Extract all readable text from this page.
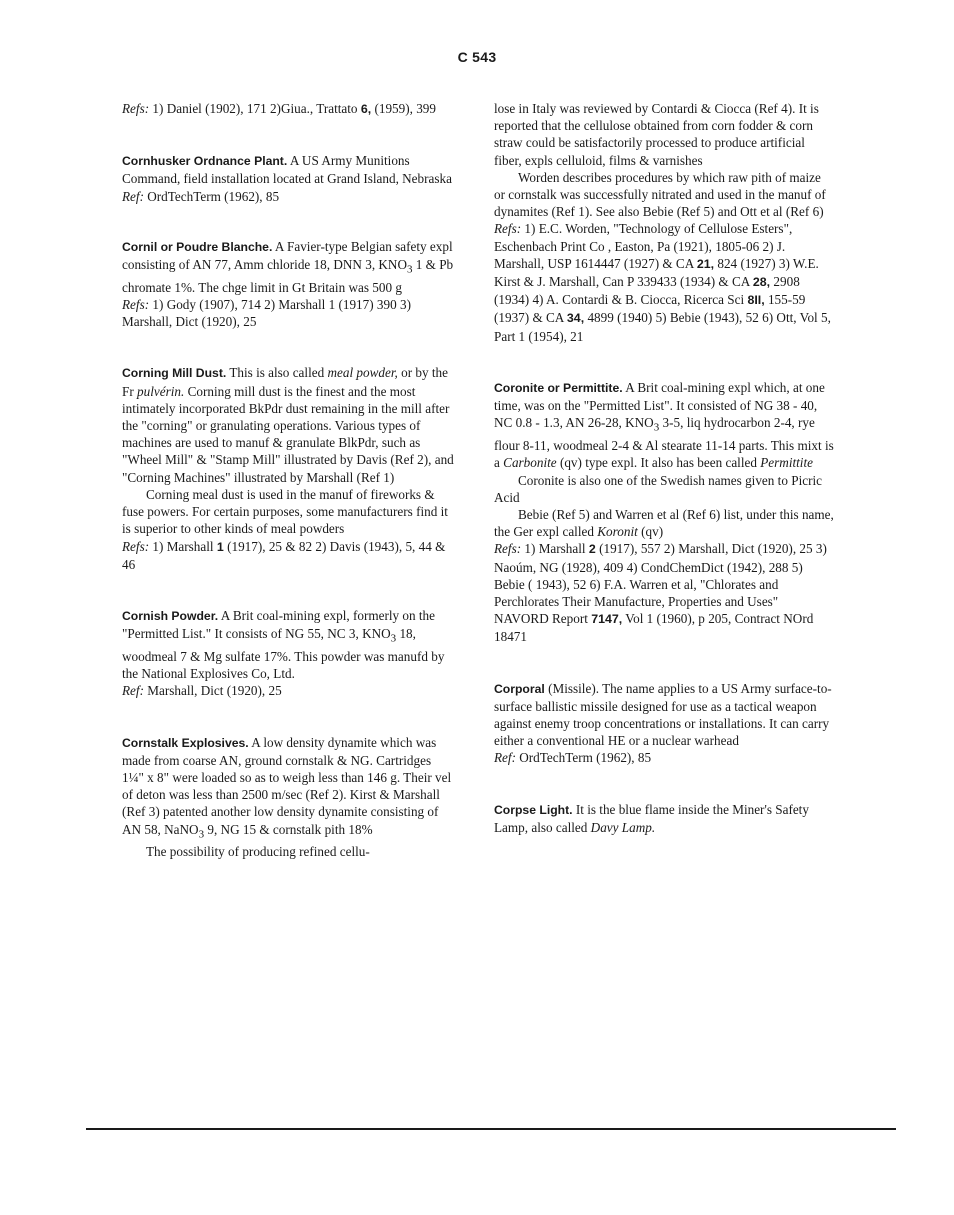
C 543

Refs: 1) Daniel (1902), 171 2)Giua., Trattato 6, (1959), 399

Cornhusker Ordnance Plant. A US Army Munitions Command, field installation located at Grand Island, Nebraska

Ref: OrdTechTerm (1962), 85

Cornil or Poudre Blanche. A Favier-type Belgian safety expl consisting of AN 77, Amm chloride 18, DNN 3, $KNO_3$ 1 & Pb chromate 1%. The chge limit in Gt Britain was 500 g

Refs: 1) Gody (1907), 714 2) Marshall 1 (1917) 390 3) Marshall, Dict (1920), 25

Corning Mill Dust. This is also called meal powder, or by the Fr pulvérin. Corning mill dust is the finest and the most intimately incorporated BkPdr dust remaining in the mill after the "corning" or granulating operations. Various types of machines are used to manuf & granulate BlkPdr, such as "Wheel Mill" & "Stamp Mill" illustrated by Davis (Ref 2), and "Corning Machines" illustrated by Marshall (Ref 1)

Corning meal dust is used in the manuf of fireworks & fuse powers. For certain purposes, some manufacturers find it is superior to other kinds of meal powders

Refs: 1) Marshall 1 (1917), 25 & 82 2) Davis (1943), 5, 44 & 46

Cornish Powder. A Brit coal-mining expl, formerly on the "Permitted List." It consists of NG 55, NC 3, $KNO_3$ 18, woodmeal 7 & Mg sulfate 17%. This powder was manufd by the National Explosives Co, Ltd.

Ref: Marshall, Dict (1920), 25

Cornstalk Explosives. A low density dynamite which was made from coarse AN, ground cornstalk & NG. Cartridges 1¼" x 8" were loaded so as to weigh less than 146 g. Their vel of deton was less than 2500 m/sec (Ref 2). Kirst & Marshall (Ref 3) patented another low density dynamite consisting of AN 58, NaNO$_3$ 9, NG 15 & cornstalk pith 18%

The possibility of producing refined cellu-

lose in Italy was reviewed by Contardi & Ciocca (Ref 4). It is reported that the cellulose obtained from corn fodder & corn straw could be satisfactorily processed to produce artificial fiber, expls celluloid, films & varnishes

Worden describes procedures by which raw pith of maize or cornstalk was successfully nitrated and used in the manuf of dynamites (Ref 1). See also Bebie (Ref 5) and Ott et al (Ref 6)

Refs: 1) E.C. Worden, "Technology of Cellulose Esters", Eschenbach Print Co , Easton, Pa (1921), 1805-06 2) J. Marshall, USP 1614447 (1927) & CA 21, 824 (1927) 3) W.E. Kirst & J. Marshall, Can P 339433 (1934) & CA 28, 2908 (1934) 4) A. Contardi & B. Ciocca, Ricerca Sci 8II, 155-59 (1937) & CA 34, 4899 (1940) 5) Bebie (1943), 52 6) Ott, Vol 5, Part 1 (1954), 21

Coronite or Permittite. A Brit coal-mining expl which, at one time, was on the "Permitted List". It consisted of NG 38 - 40, NC 0.8 - 1.3, AN 26-28, $KNO_3$ 3-5, liq hydrocarbon 2-4, rye flour 8-11, woodmeal 2-4 & Al stearate 11-14 parts. This mixt is a Carbonite (qv) type expl. It also has been called Permittite

Coronite is also one of the Swedish names given to Picric Acid

Bebie (Ref 5) and Warren et al (Ref 6) list, under this name, the Ger expl called Koronit (qv)

Refs: 1) Marshall 2 (1917), 557 2) Marshall, Dict (1920), 25 3) Naoúm, NG (1928), 409 4) CondChemDict (1942), 288 5) Bebie ( 1943), 52 6) F.A. Warren et al, "Chlorates and Perchlorates Their Manufacture, Properties and Uses" NAVORD Report 7147, Vol 1 (1960), p 205, Contract NOrd 18471

Corporal (Missile). The name applies to a US Army surface-to-surface ballistic missile designed for use as a tactical weapon against enemy troop concentrations or installations. It can carry either a conventional HE or a nuclear warhead

Ref: OrdTechTerm (1962), 85

Corpse Light. It is the blue flame inside the Miner's Safety Lamp, also called Davy Lamp.
